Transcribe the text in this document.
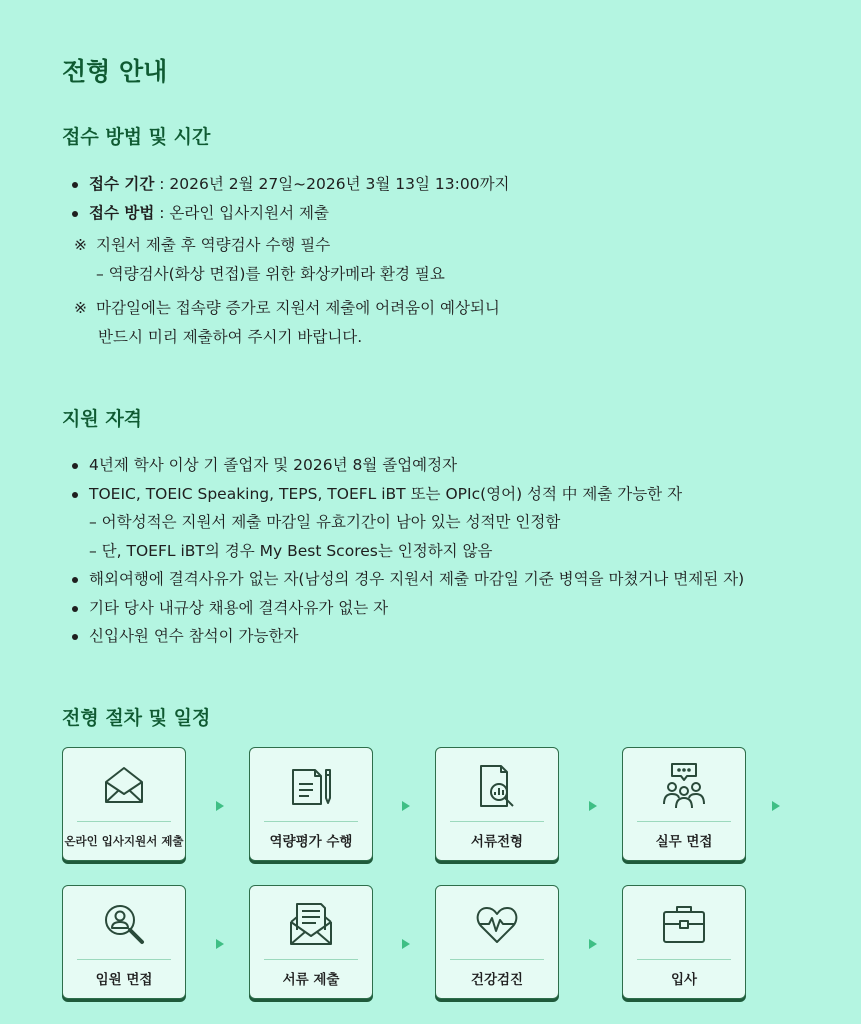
전형 안내
접수 방법 및 시간
접수 기간 : 2026년 2월 27일~2026년 3월 13일 13:00까지
접수 방법 : 온라인 입사지원서 제출
※ 지원서 제출 후 역량검사 수행 필수
– 역량검사(화상 면접)를 위한 화상카메라 환경 필요
※ 마감일에는 접속량 증가로 지원서 제출에 어려움이 예상되니
반드시 미리 제출하여 주시기 바랍니다.
지원 자격
4년제 학사 이상 기 졸업자 및 2026년 8월 졸업예정자
TOEIC, TOEIC Speaking, TEPS, TOEFL iBT 또는 OPIc(영어) 성적 中 제출 가능한 자
– 어학성적은 지원서 제출 마감일 유효기간이 남아 있는 성적만 인정함
– 단, TOEFL iBT의 경우 My Best Scores는 인정하지 않음
해외여행에 결격사유가 없는 자(남성의 경우 지원서 제출 마감일 기준 병역을 마쳤거나 면제된 자)
기타 당사 내규상 채용에 결격사유가 없는 자
신입사원 연수 참석이 가능한자
전형 절차 및 일정
온라인 입사지원서 제출	역량평가 수행	서류전형	실무 면접
임원 면접	서류 제출	건강검진	입사
